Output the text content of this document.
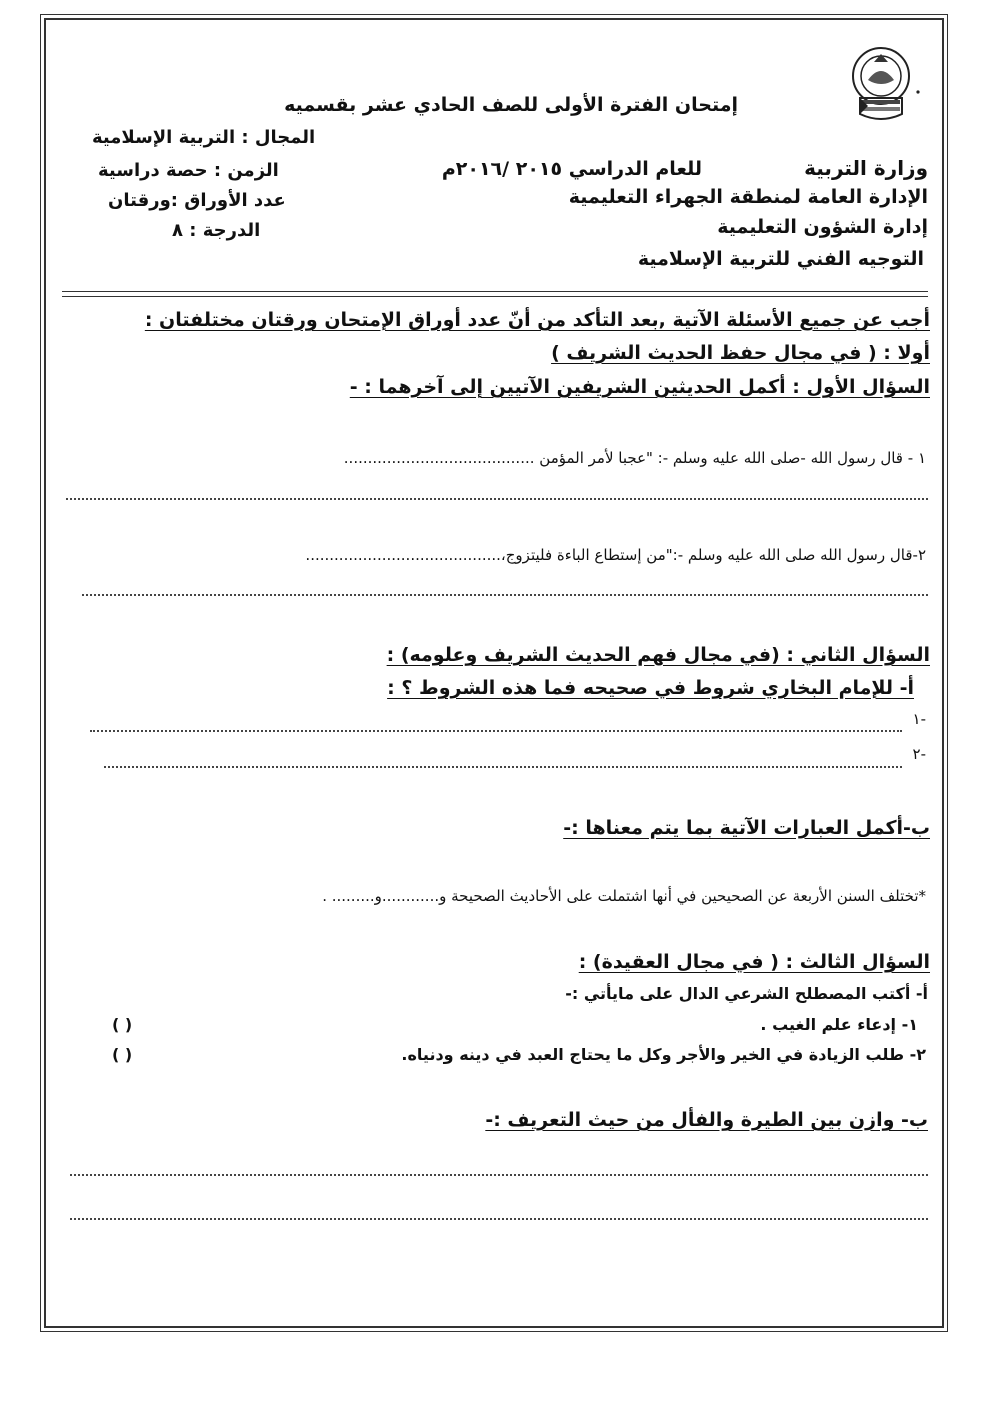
إمتحان الفترة الأولى للصف الحادي عشر بقسميه
المجال : التربية الإسلامية
الزمن : حصة دراسية
عدد الأوراق :ورقتان
الدرجة : ٨
وزارة التربية
للعام الدراسي ٢٠١٥ /٢٠١٦م
الإدارة العامة لمنطقة الجهراء التعليمية
إدارة الشؤون التعليمية
التوجيه الفني للتربية الإسلامية
أجب عن جميع الأسئلة الآتية ,بعد التأكد من أنّ عدد أوراق الإمتحان ورقتان مختلفتان :
أولا : ( في مجال حفظ الحديث الشريف )
السؤال الأول : أكمل الحديثين الشريفين الآتيين إلى آخرهما : -
١ - قال رسول الله -صلى الله عليه وسلم -: "عجبا لأمر المؤمن ........................................
٢-قال رسول الله صلى الله عليه وسلم -:"من إستطاع الباءة فليتزوج،.........................................
السؤال الثاني : (في مجال فهم الحديث الشريف وعلومه) :
أ- للإمام البخاري شروط في صحيحه فما هذه الشروط ؟ :
١-
٢-
ب-أكمل العبارات الآتية بما يتم معناها :-
*تختلف السنن الأربعة عن الصحيحين في أنها اشتملت على الأحاديث الصحيحة و............و......... .
السؤال الثالث : ( في مجال العقيدة) :
أ- أكتب المصطلح الشرعي الدال على مايأتي :-
١- إدعاء علم الغيب .
( )
٢- طلب الزيادة في الخير والأجر وكل ما يحتاج العبد في دينه ودنياه.
( )
ب- وازن بين الطيرة والفأل من حيث التعريف :-
